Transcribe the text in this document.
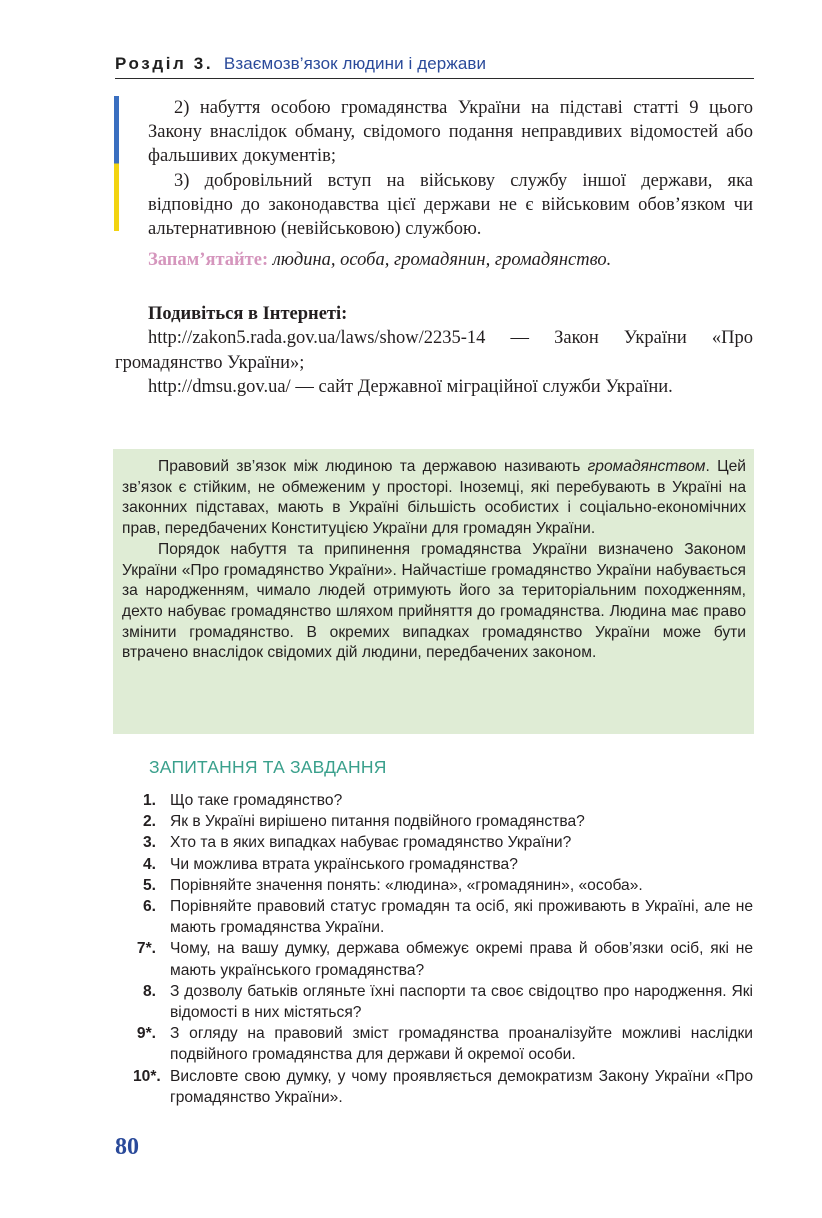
Розділ 3. Взаємозв’язок людини і держави

2) набуття особою громадянства України на підставі статті 9 цього Закону внаслідок обману, свідомого подання неправдивих відомостей або фальшивих документів;

3) добровільний вступ на військову службу іншої держави, яка відповідно до законодавства цієї держави не є військовим обов’язком чи альтернативною (невійськовою) службою.

Запам’ятайте: людина, особа, громадянин, громадянство.
Подивіться в Інтернеті:

http://zakon5.rada.gov.ua/laws/show/2235-14 — Закон України «Про громадянство України»;

http://dmsu.gov.ua/ — сайт Державної міграційної служби України.

Правовий зв’язок між людиною та державою називають громадянством. Цей зв’язок є стійким, не обмеженим у просторі. Іноземці, які перебувають в Україні на законних підставах, мають в Україні більшість особистих і соціально-економічних прав, передбачених Конституцією України для громадян України.

Порядок набуття та припинення громадянства України визначено Законом України «Про громадянство України». Найчастіше громадянство України набувається за народженням, чимало людей отримують його за територіальним походженням, дехто набуває громадянство шляхом прийняття до громадянства. Людина має право змінити громадянство. В окремих випадках громадянство України може бути втрачено внаслідок свідомих дій людини, передбачених законом.

ЗАПИТАННЯ ТА ЗАВДАННЯ
1. Що таке громадянство?
2. Як в Україні вирішено питання подвійного громадянства?
3. Хто та в яких випадках набуває громадянство України?
4. Чи можлива втрата українського громадянства?
5. Порівняйте значення понять: «людина», «громадянин», «особа».
6. Порівняйте правовий статус громадян та осіб, які проживають в Україні, але не мають громадянства України.
7*. Чому, на вашу думку, держава обмежує окремі права й обов’язки осіб, які не мають українського громадянства?
8. З дозволу батьків огляньте їхні паспорти та своє свідоцтво про народження. Які відомості в них містяться?
9*. З огляду на правовий зміст громадянства проаналізуйте можливі наслідки подвійного громадянства для держави й окремої особи.
10*. Висловте свою думку, у чому проявляється демократизм Закону України «Про громадянство України».
80
